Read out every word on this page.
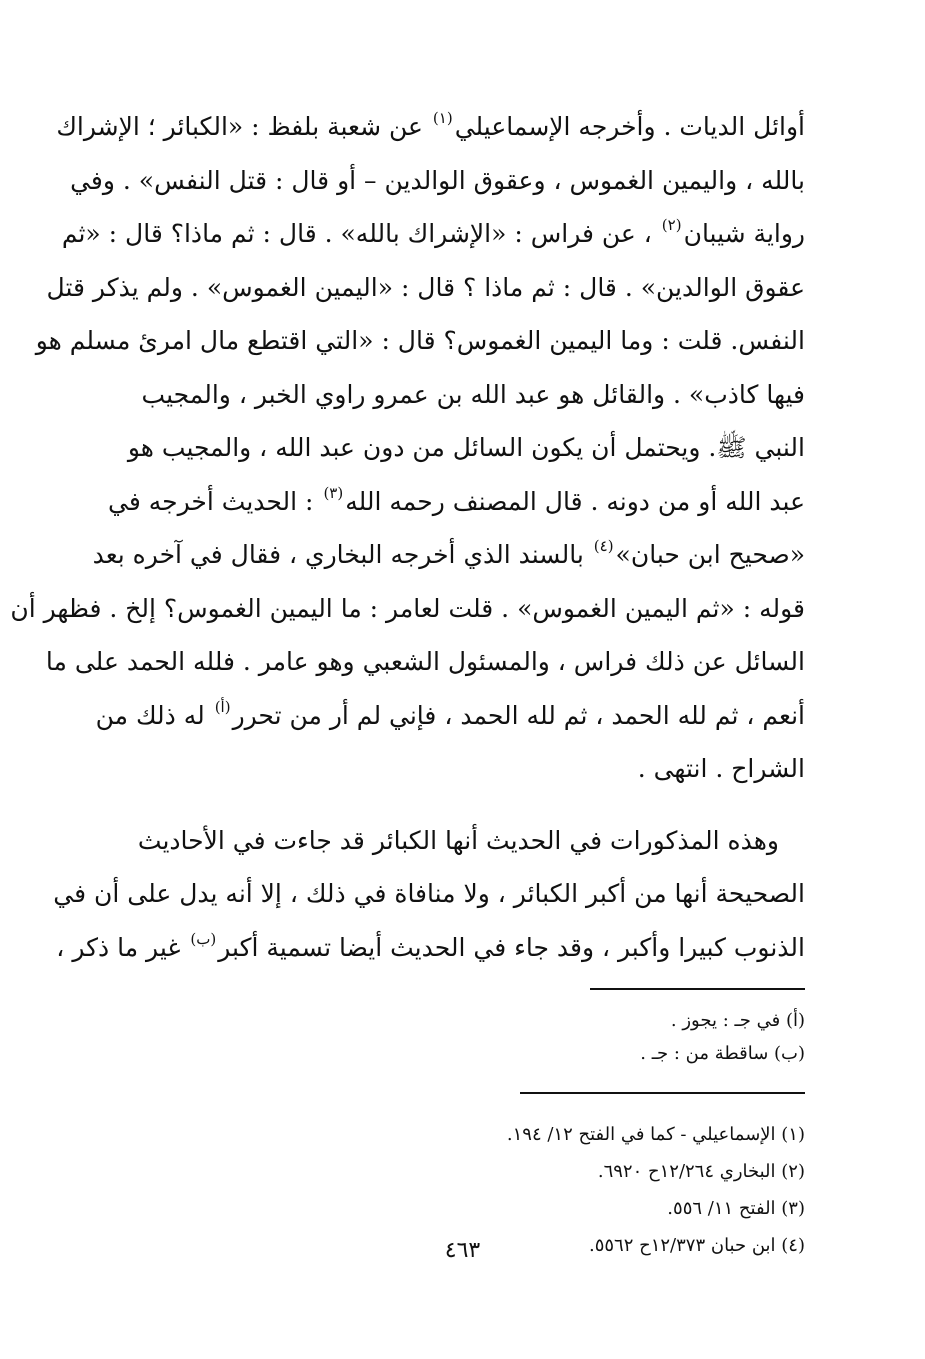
أوائل الديات . وأخرجه الإسماعيلي$^{(١)}$ عن شعبة بلفظ : «الكبائر ؛ الإشراك

بالله ، واليمين الغموس ، وعقوق الوالدين – أو قال : قتل النفس» . وفي

رواية شيبان$^{(٢)}$ ، عن فراس : «الإشراك بالله» . قال : ثم ماذا؟ قال : «ثم

عقوق الوالدين» . قال : ثم ماذا ؟ قال : «اليمين الغموس» . ولم يذكر قتل

النفس. قلت : وما اليمين الغموس؟ قال : «التي اقتطع مال امرئ مسلم هو

فيها كاذب» . والقائل هو عبد الله بن عمرو راوي الخبر ، والمجيب

النبي ﷺ. ويحتمل أن يكون السائل من دون عبد الله ، والمجيب هو

عبد الله أو من دونه . قال المصنف رحمه الله$^{(٣)}$ : الحديث أخرجه في

«صحيح ابن حبان»$^{(٤)}$ بالسند الذي أخرجه البخاري ، فقال في آخره بعد

قوله : «ثم اليمين الغموس» . قلت لعامر : ما اليمين الغموس؟ إلخ . فظهر أن

السائل عن ذلك فراس ، والمسئول الشعبي وهو عامر . فلله الحمد على ما

أنعم ، ثم لله الحمد ، ثم لله الحمد ، فإني لم أر من تحرر$^{(أ)}$ له ذلك من

الشراح . انتهى .

وهذه المذكورات في الحديث أنها الكبائر قد جاءت في الأحاديث

الصحيحة أنها من أكبر الكبائر ، ولا منافاة في ذلك ، إلا أنه يدل على أن في

الذنوب كبيرا وأكبر ، وقد جاء في الحديث أيضا تسمية أكبر$^{(ب)}$ غير ما ذكر ،

(أ) في جـ : يجوز .
(ب) ساقطة من : جـ .
(١) الإسماعيلي - كما في الفتح ١٢/ ١٩٤.
(٢) البخاري ١٢/٢٦٤ح ٦٩٢٠.
(٣) الفتح ١١/ ٥٥٦.
(٤) ابن حبان ١٢/٣٧٣ح ٥٥٦٢.
٤٦٣
